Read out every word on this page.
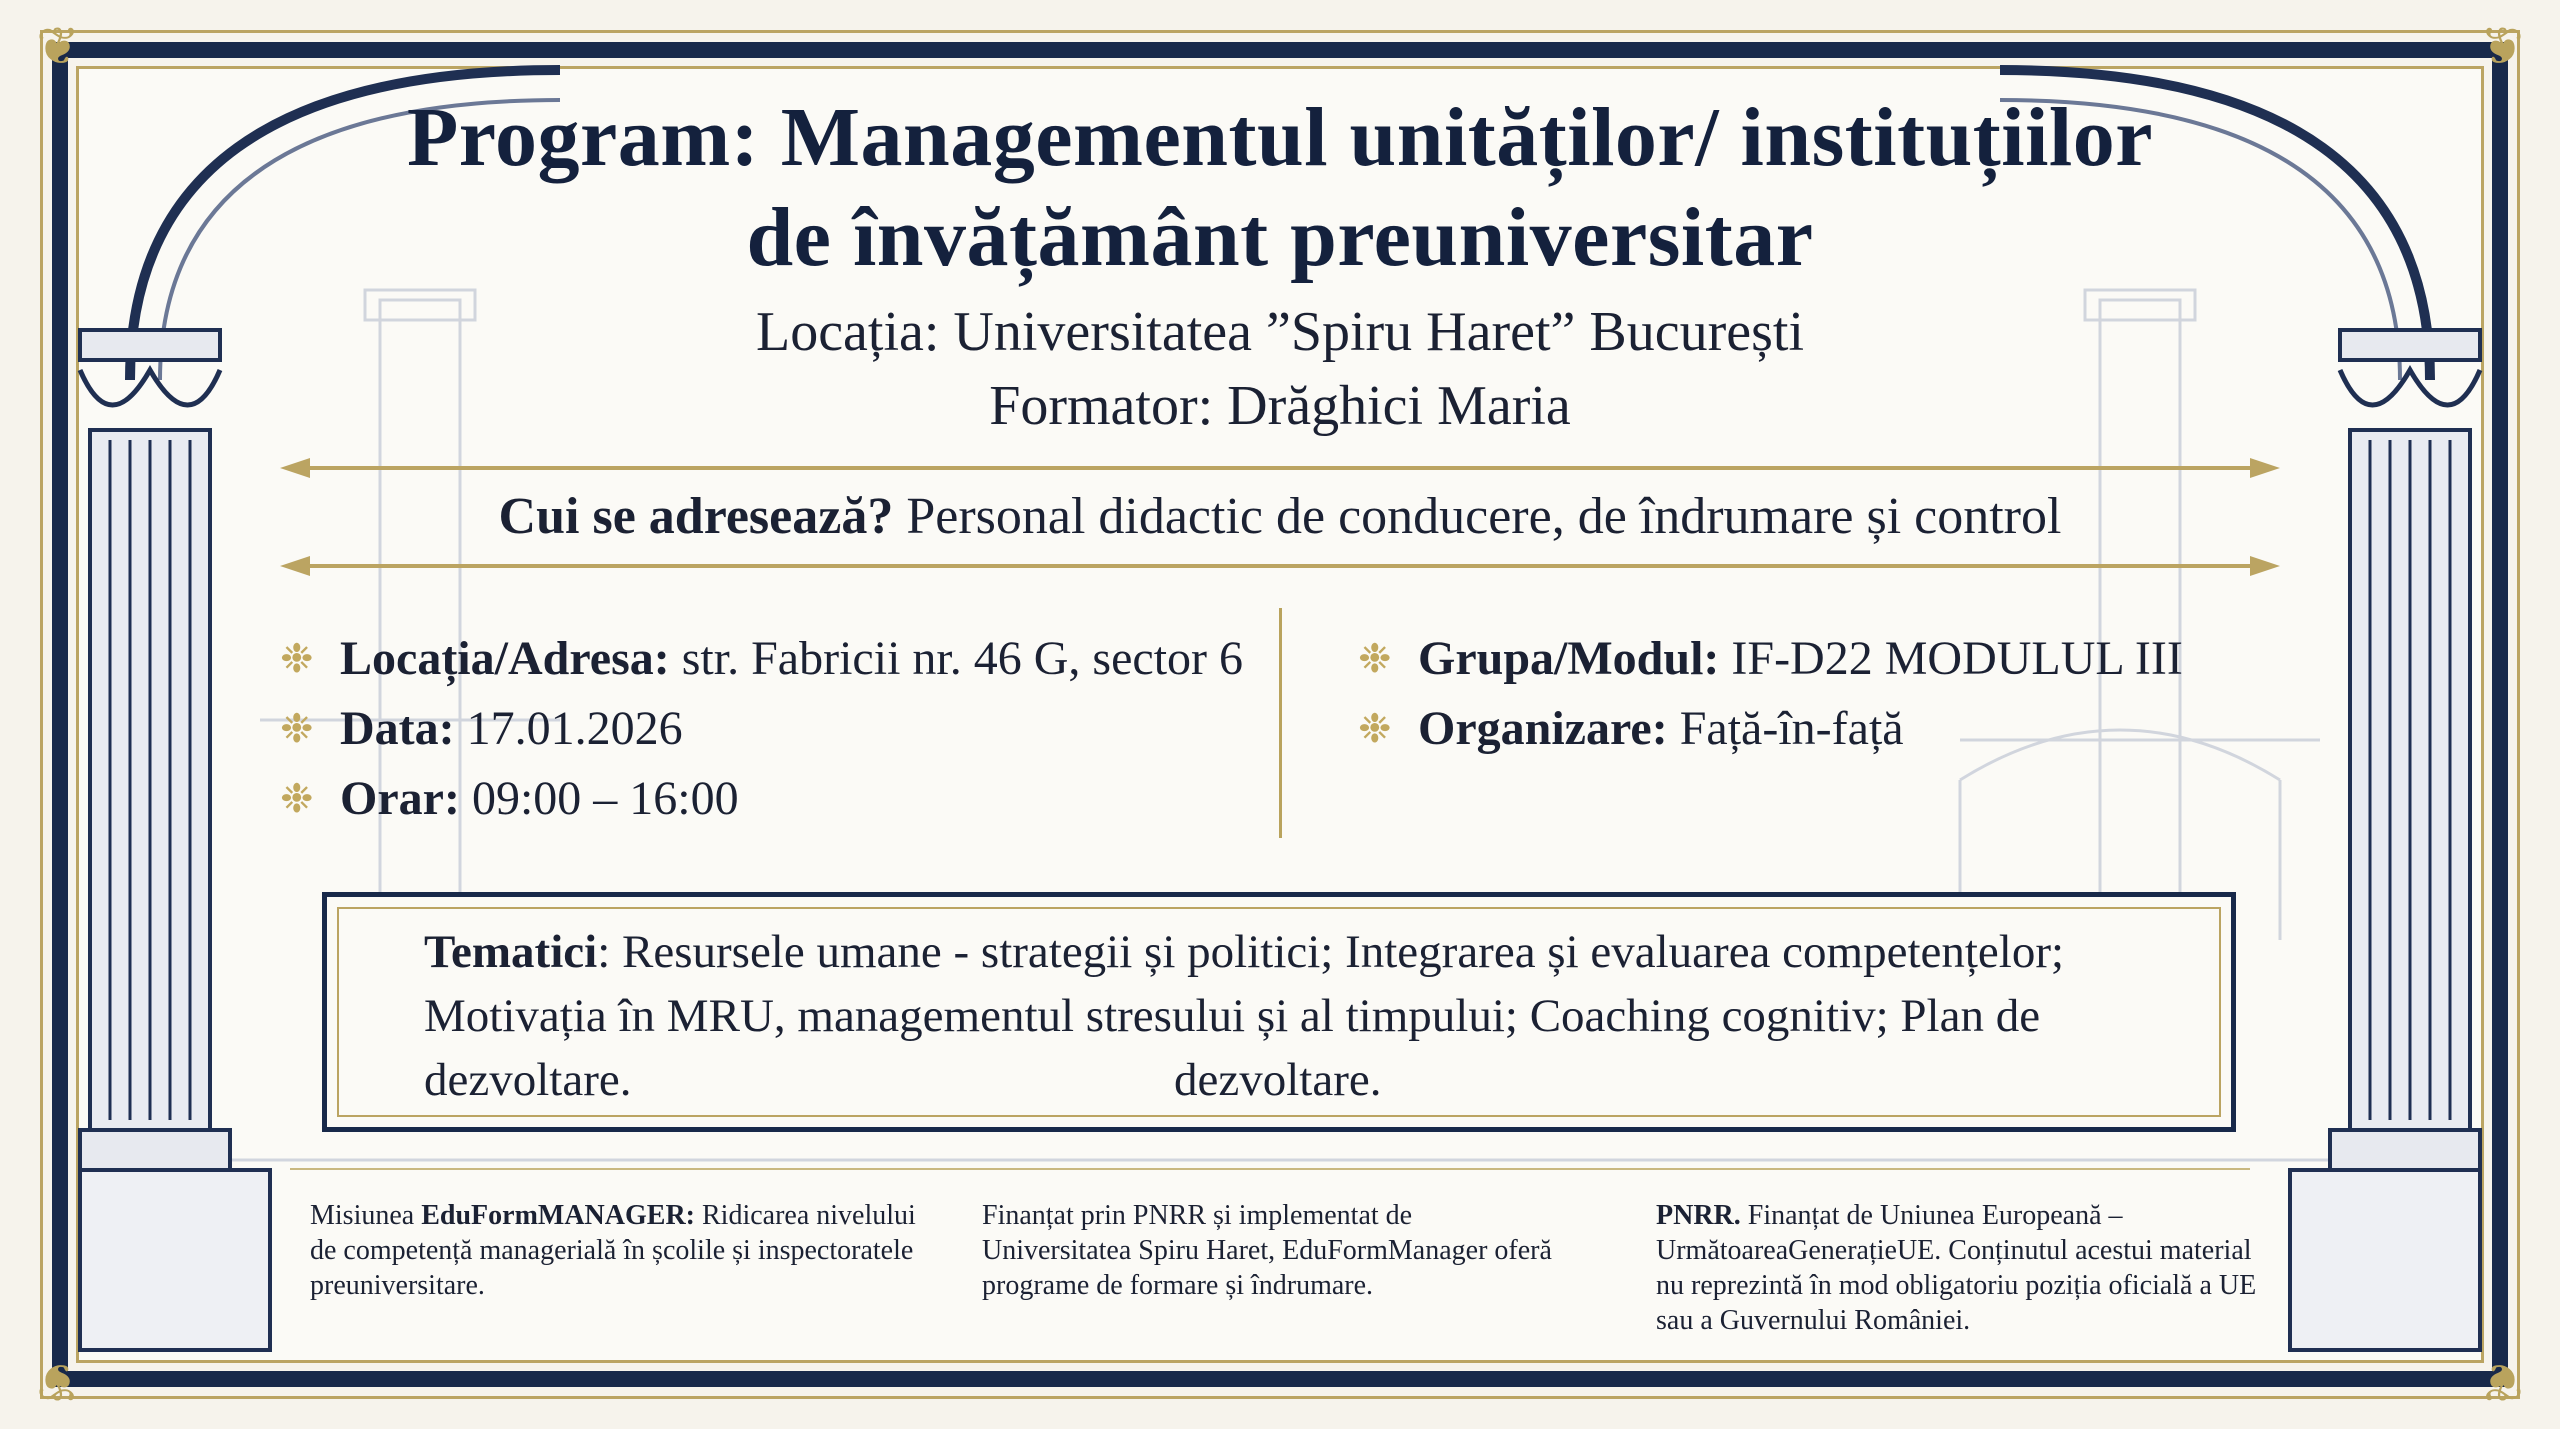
❦	❦
❦	❦
Program: Managementul unităților/ instituțiilor
de învățământ preuniversitar
Locația: Universitatea ”Spiru Haret” București
Formator: Drăghici Maria
Cui se adresează? Personal didactic de conducere, de îndrumare și control
❉ Locația/Adresa: str. Fabricii nr. 46 G, sector 6
❉ Data: 17.01.2026
❉ Orar: 09:00 – 16:00
❉ Grupa/Modul: IF-D22 MODULUL III
❉ Organizare: Față-în-față
Tematici: Resursele umane - strategii și politici; Integrarea și evaluarea competențelor; Motivația în MRU, managementul stresului și al timpului; Coaching cognitiv; Plan de dezvoltare.	dezvoltare.
Misiunea EduFormMANAGER: Ridicarea nivelului de competență managerială în școlile și inspectoratele preuniversitare.
Finanțat prin PNRR și implementat de Universitatea Spiru Haret, EduFormManager oferă programe de formare și îndrumare.
PNRR. Finanțat de Uniunea Europeană – UrmătoareaGenerațieUE. Conținutul acestui material nu reprezintă în mod obligatoriu poziția oficială a UE sau a Guvernului României.
